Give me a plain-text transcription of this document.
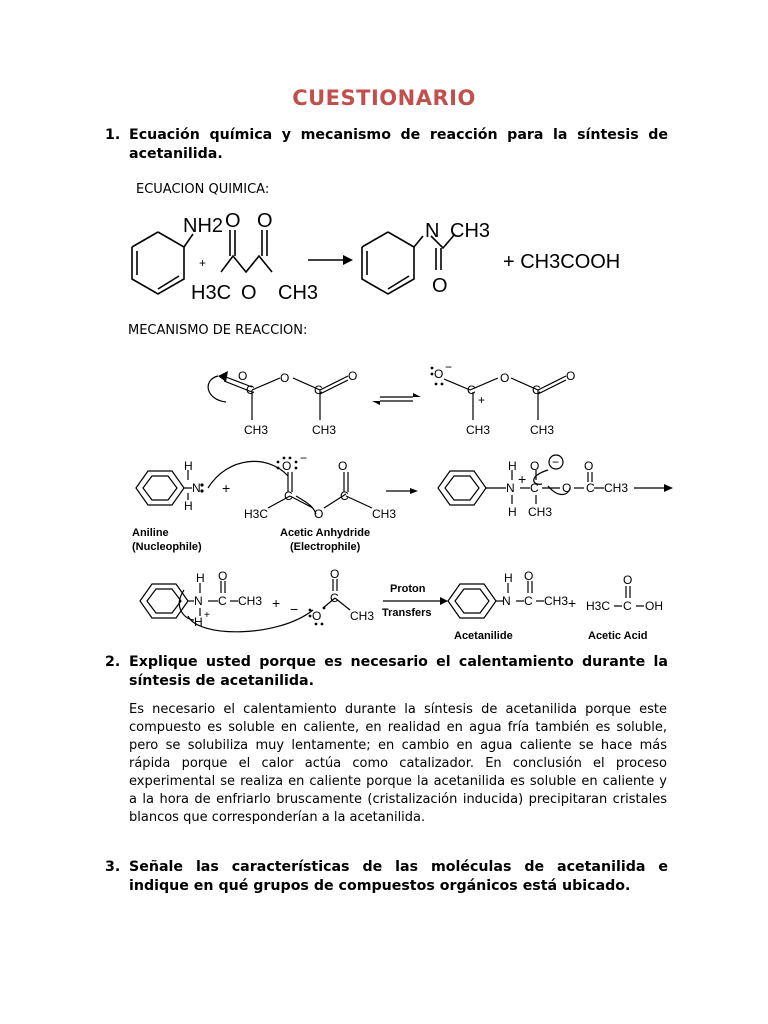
CUESTIONARIO
1. Ecuación química y mecanismo de reacción para la síntesis de acetanilida.
ECUACION QUIMICA:
NH2
+
H3C
O O
O CH3
N CH3
O
+ CH3COOH
MECANISMO DE REACCION:
O	O
C	C
O
CH3	CH3
O −
C
+
O
C
O
CH3	CH3
H
N
H
+
O
−
O
C	C
O
H3C	CH3
Aniline
(Nucleophile)
Acetic Anhydride
(Electrophile)
H
N
H
+
O
C
CH3
−
O
O
C CH3
H
N
H +
O
C CH3 + − O
O
C
CH3
Proton
Transfers
H
N
O
C CH3 + H3C
O
C OH
Acetanilide	Acetic Acid
2. Explique usted porque es necesario el calentamiento durante la síntesis de acetanilida.
Es necesario el calentamiento durante la síntesis de acetanilida porque este compuesto es soluble en caliente, en realidad en agua fría también es soluble, pero se solubiliza muy lentamente; en cambio en agua caliente se hace más rápida porque el calor actúa como catalizador. En conclusión el proceso experimental se realiza en caliente porque la acetanilida es soluble en caliente y a la hora de enfriarlo bruscamente (cristalización inducida) precipitaran cristales blancos que corresponderían a la acetanilida.
3. Señale las características de las moléculas de acetanilida e indique en qué grupos de compuestos orgánicos está ubicado.
